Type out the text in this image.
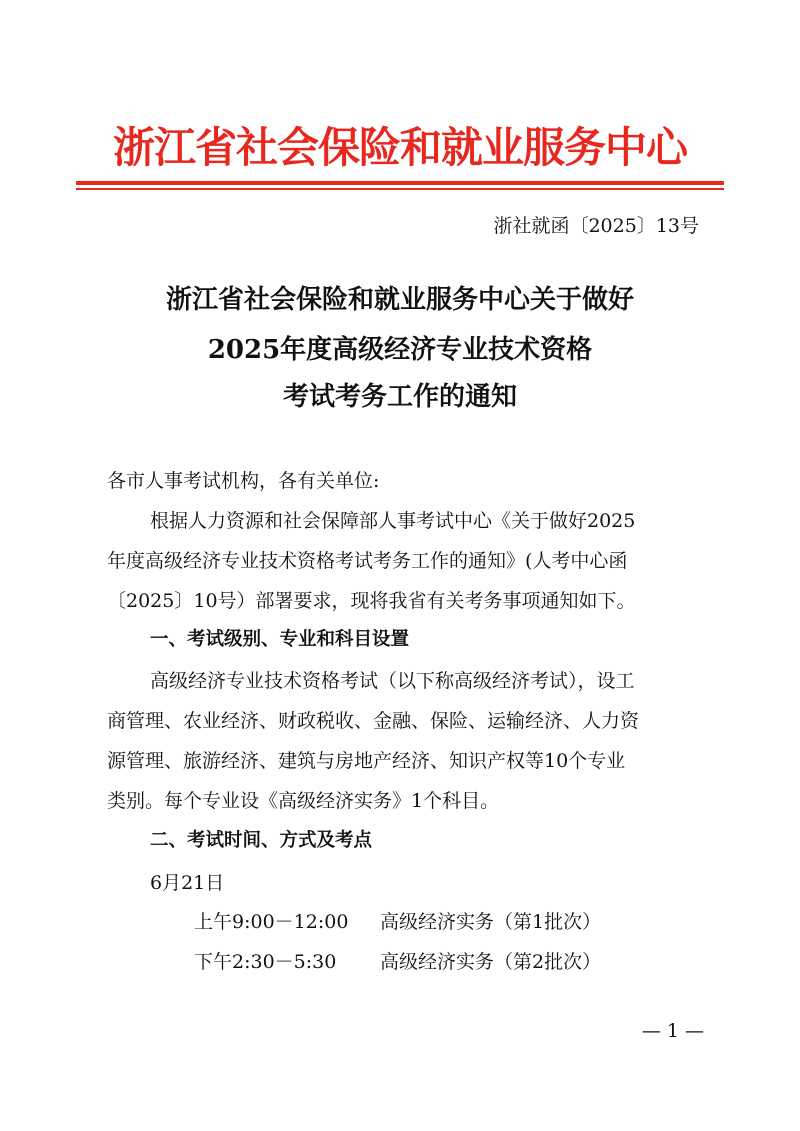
浙江省社会保险和就业服务中心
浙社就函〔2025〕13号
浙江省社会保险和就业服务中心关于做好
2025年度高级经济专业技术资格
考试考务工作的通知
各市人事考试机构，各有关单位:
根据人力资源和社会保障部人事考试中心《关于做好2025
年度高级经济专业技术资格考试考务工作的通知》(人考中心函
〔2025〕10号）部署要求，现将我省有关考务事项通知如下。
一、考试级别、专业和科目设置
高级经济专业技术资格考试（以下称高级经济考试），设工
商管理、农业经济、财政税收、金融、保险、运输经济、人力资
源管理、旅游经济、建筑与房地产经济、知识产权等10个专业
类别。每个专业设《高级经济实务》1个科目。
二、考试时间、方式及考点
6月21日
上午9:00－12:00 高级经济实务（第1批次）
下午2:30－5:30 高级经济实务（第2批次）
— 1 —
